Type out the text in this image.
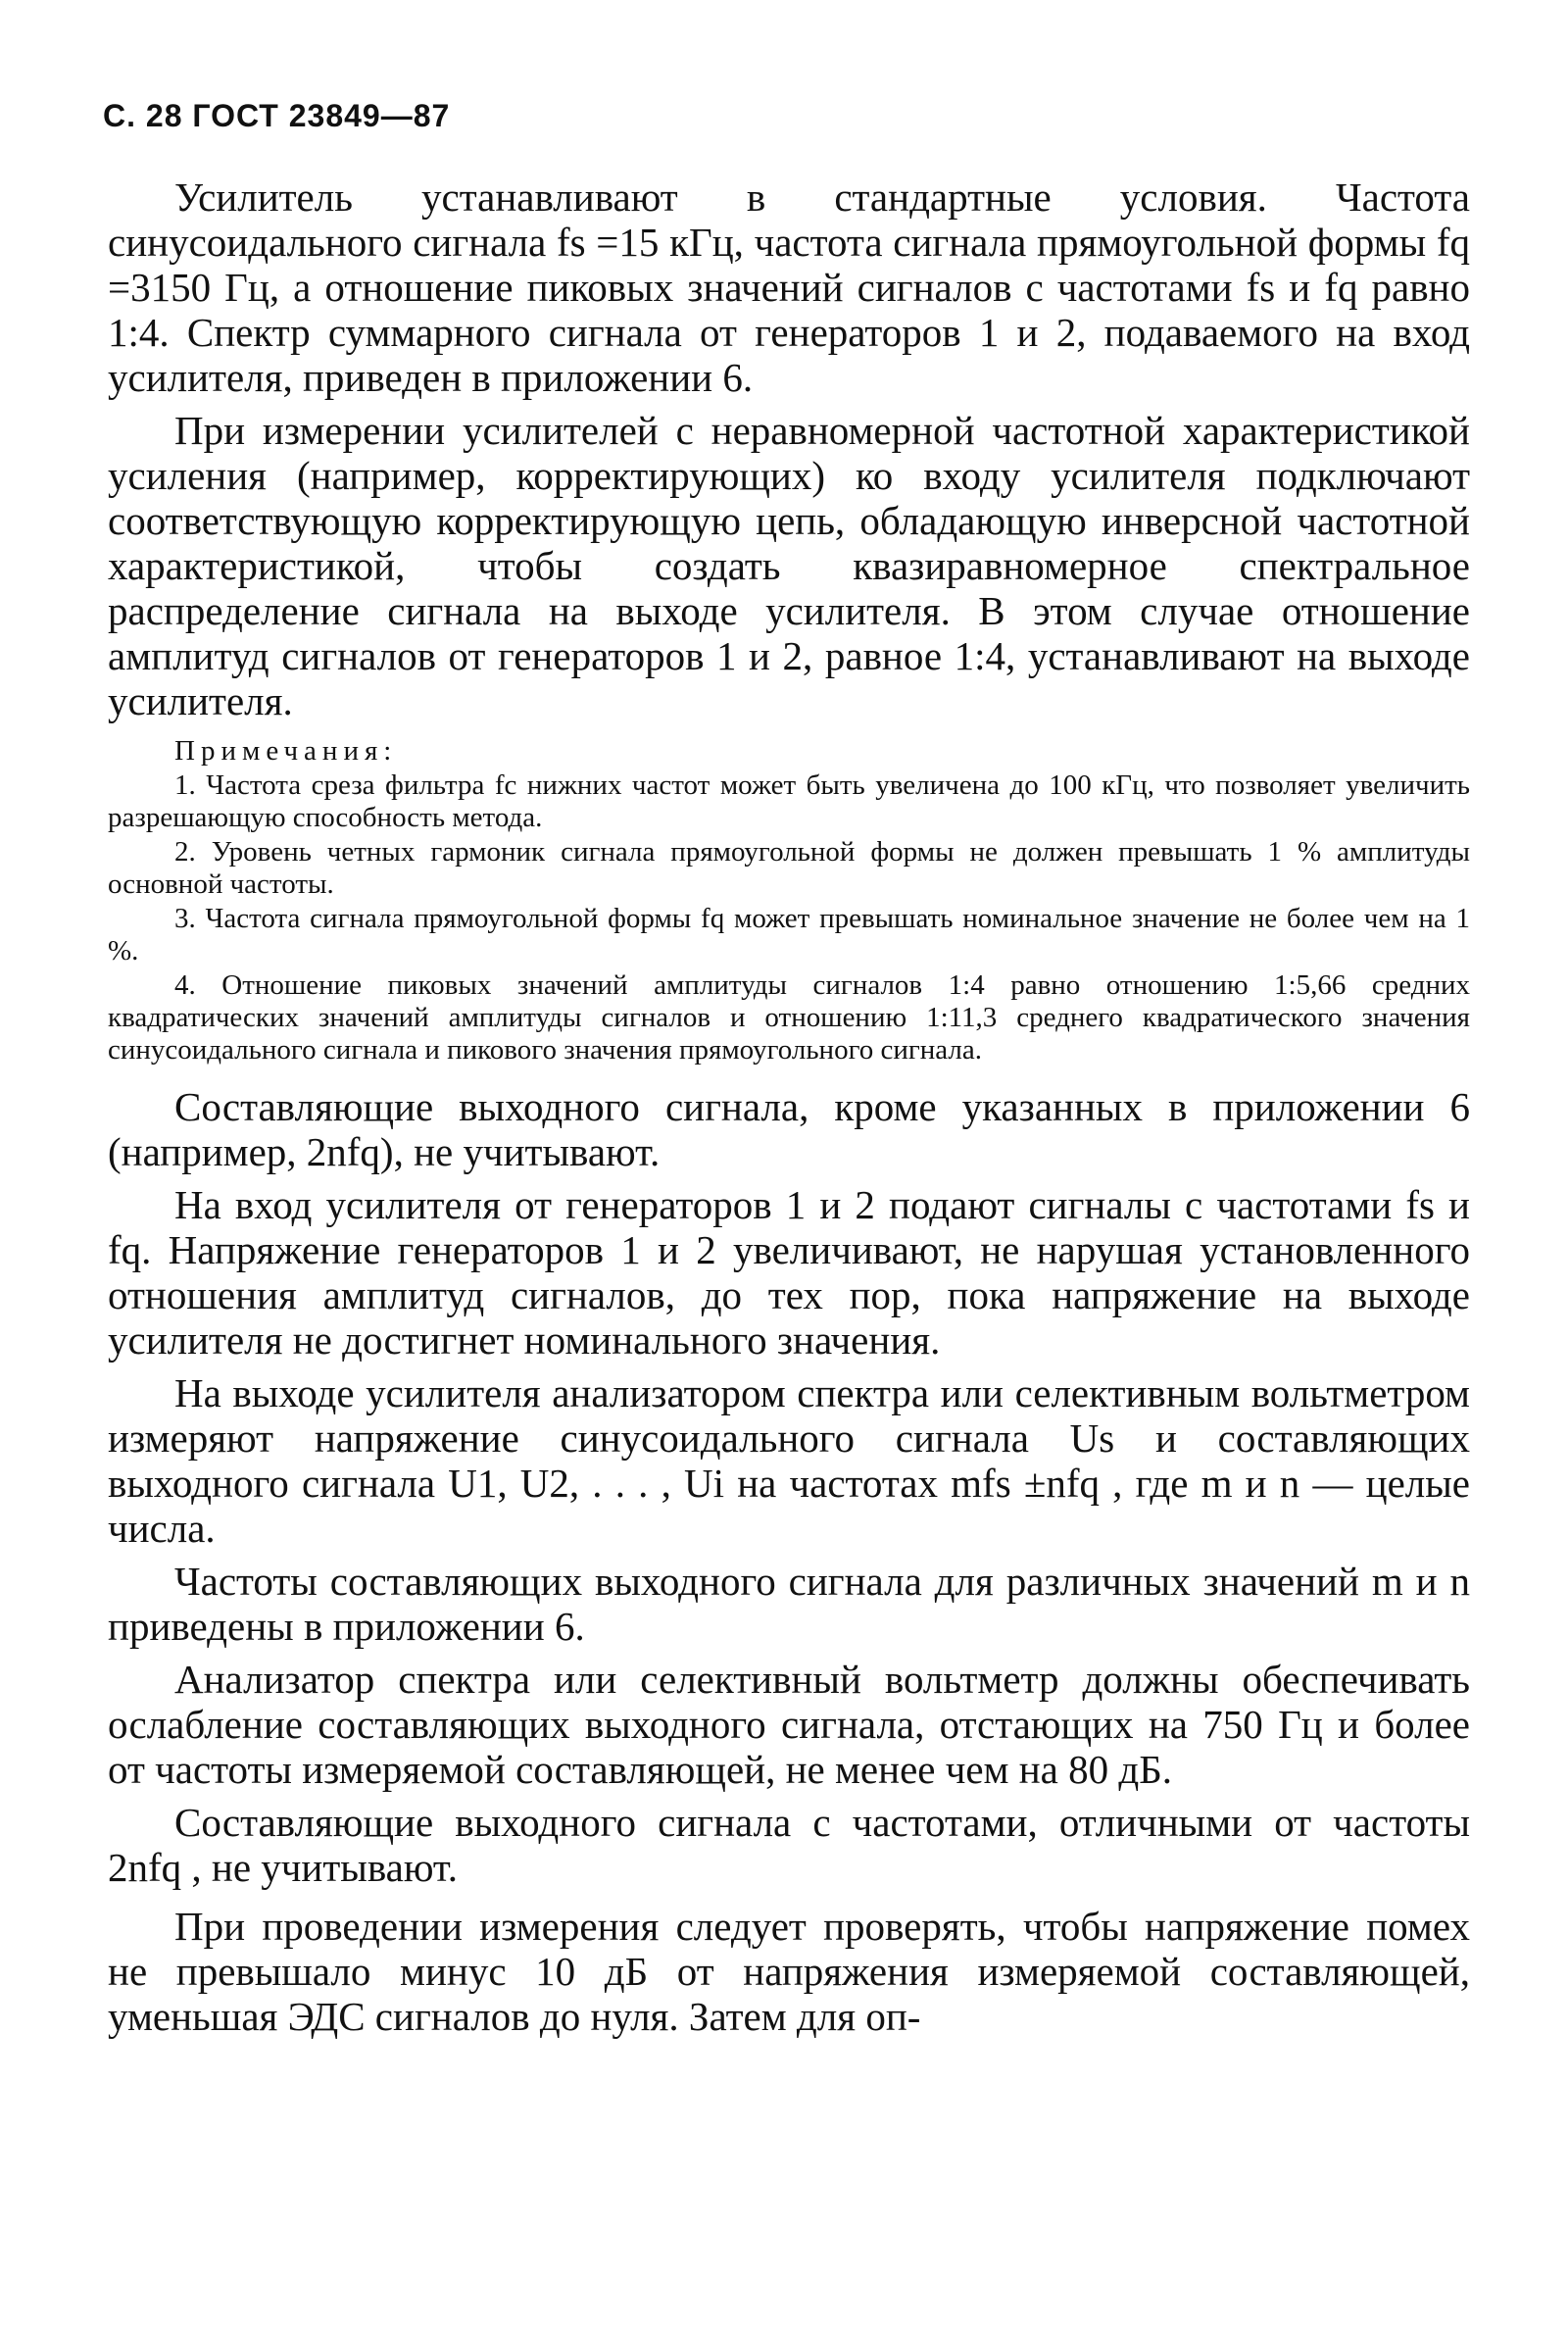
С. 28 ГОСТ 23849—87

Усилитель устанавливают в стандартные условия. Частота синусоидального сигнала fs =15 кГц, частота сигнала прямоугольной формы fq =3150 Гц, а отношение пиковых значений сигналов с частотами fs и fq равно 1:4. Спектр суммарного сигнала от генераторов 1 и 2, подаваемого на вход усилителя, приведен в приложении 6.

При измерении усилителей с неравномерной частотной характеристикой усиления (например, корректирующих) ко входу усилителя подключают соответствующую корректирующую цепь, обладающую инверсной частотной характеристикой, чтобы создать квазиравномерное спектральное распределение сигнала на выходе усилителя. В этом случае отношение амплитуд сигналов от генераторов 1 и 2, равное 1:4, устанавливают на выходе усилителя.

Примечания:

1. Частота среза фильтра fс нижних частот может быть увеличена до 100 кГц, что позволяет увеличить разрешающую способность метода.

2. Уровень четных гармоник сигнала прямоугольной формы не должен превышать 1 % амплитуды основной частоты.

3. Частота сигнала прямоугольной формы fq может превышать номинальное значение не более чем на 1 %.

4. Отношение пиковых значений амплитуды сигналов 1:4 равно отношению 1:5,66 средних квадратических значений амплитуды сигналов и отношению 1:11,3 среднего квадратического значения синусоидального сигнала и пикового значения прямоугольного сигнала.

Составляющие выходного сигнала, кроме указанных в приложении 6 (например, 2nfq), не учитывают.

На вход усилителя от генераторов 1 и 2 подают сигналы с частотами fs и fq. Напряжение генераторов 1 и 2 увеличивают, не нарушая установленного отношения амплитуд сигналов, до тех пор, пока напряжение на выходе усилителя не достигнет номинального значения.

На выходе усилителя анализатором спектра или селективным вольтметром измеряют напряжение синусоидального сигнала Us и составляющих выходного сигнала U1, U2, . . . , Ui на частотах mfs ±nfq , где m и n — целые числа.

Частоты составляющих выходного сигнала для различных значений m и n приведены в приложении 6.

Анализатор спектра или селективный вольтметр должны обеспечивать ослабление составляющих выходного сигнала, отстающих на 750 Гц и более от частоты измеряемой составляющей, не менее чем на 80 дБ.

Составляющие выходного сигнала с частотами, отличными от частоты 2nfq , не учитывают.

При проведении измерения следует проверять, чтобы напряжение помех не превышало минус 10 дБ от напряжения измеряемой составляющей, уменьшая ЭДС сигналов до нуля. Затем для оп-
